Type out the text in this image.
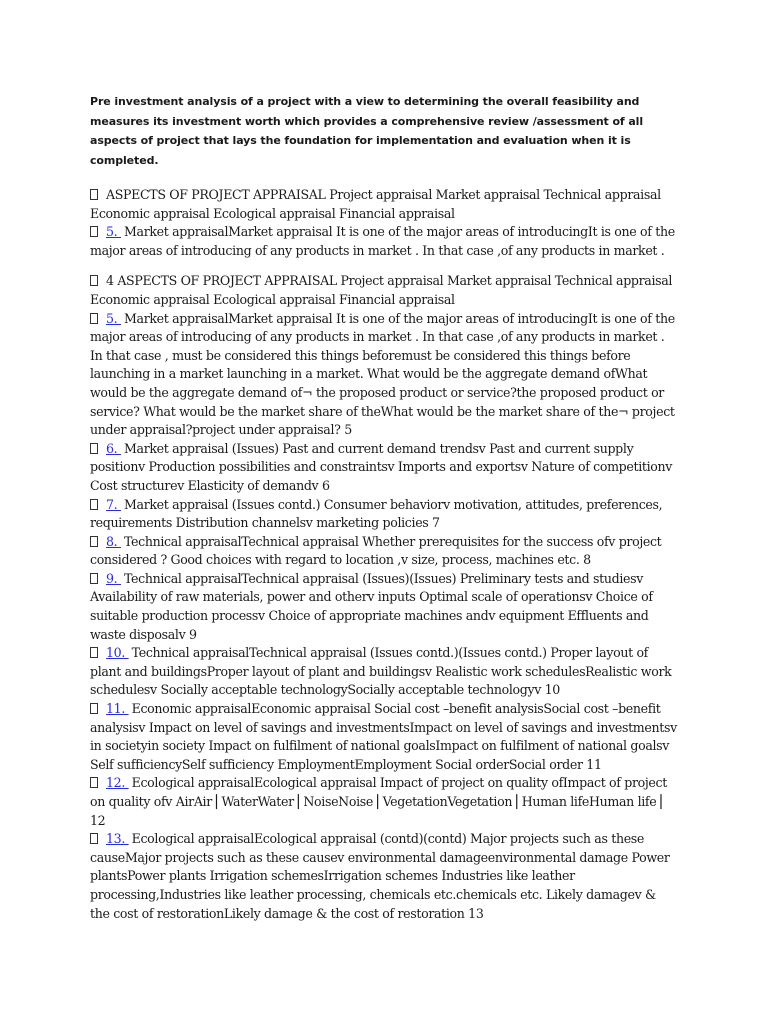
Pre investment analysis of a project with a view to determining the overall feasibility and measures its investment worth which provides a comprehensive review /assessment of all aspects of project that lays the foundation for implementation and evaluation when it is completed.

ASPECTS OF PROJECT APPRAISAL Project appraisal Market appraisal Technical appraisal Economic appraisal Ecological appraisal Financial appraisal

5. Market appraisalMarket appraisal It is one of the major areas of introducingIt is one of the major areas of introducing of any products in market . In that case ,of any products in market .

4 ASPECTS OF PROJECT APPRAISAL Project appraisal Market appraisal Technical appraisal Economic appraisal Ecological appraisal Financial appraisal

5. Market appraisalMarket appraisal It is one of the major areas of introducingIt is one of the major areas of introducing of any products in market . In that case ,of any products in market . In that case , must be considered this things beforemust be considered this things before launching in a market launching in a market. What would be the aggregate demand ofWhat would be the aggregate demand of¬ the proposed product or service?the proposed product or service? What would be the market share of theWhat would be the market share of the¬ project under appraisal?project under appraisal? 5

6. Market appraisal (Issues) Past and current demand trendsv Past and current supply positionv Production possibilities and constraintsv Imports and exportsv Nature of competitionv Cost structurev Elasticity of demandv 6

7. Market appraisal (Issues contd.) Consumer behaviorv motivation, attitudes, preferences, requirements Distribution channelsv marketing policies 7

8. Technical appraisalTechnical appraisal Whether prerequisites for the success ofv project considered ? Good choices with regard to location ,v size, process, machines etc. 8

9. Technical appraisalTechnical appraisal (Issues)(Issues) Preliminary tests and studiesv Availability of raw materials, power and otherv inputs Optimal scale of operationsv Choice of suitable production processv Choice of appropriate machines andv equipment Effluents and waste disposalv 9

10. Technical appraisalTechnical appraisal (Issues contd.)(Issues contd.) Proper layout of plant and buildingsProper layout of plant and buildingsv Realistic work schedulesRealistic work schedulesv Socially acceptable technologySocially acceptable technologyv 10

11. Economic appraisalEconomic appraisal Social cost –benefit analysisSocial cost –benefit analysisv Impact on level of savings and investmentsImpact on level of savings and investmentsv in societyin society Impact on fulfilment of national goalsImpact on fulfilment of national goalsv Self sufficiencySelf sufficiency EmploymentEmployment Social orderSocial order 11

12. Ecological appraisalEcological appraisal Impact of project on quality ofImpact of project on quality ofv AirAir⎥ WaterWater⎥ NoiseNoise⎥ VegetationVegetation⎥ Human lifeHuman life⎥ 12

13. Ecological appraisalEcological appraisal (contd)(contd) Major projects such as these causeMajor projects such as these causev environmental damageenvironmental damage Power plantsPower plants Irrigation schemesIrrigation schemes Industries like leather processing,Industries like leather processing, chemicals etc.chemicals etc. Likely damagev & the cost of restorationLikely damage & the cost of restoration 13
